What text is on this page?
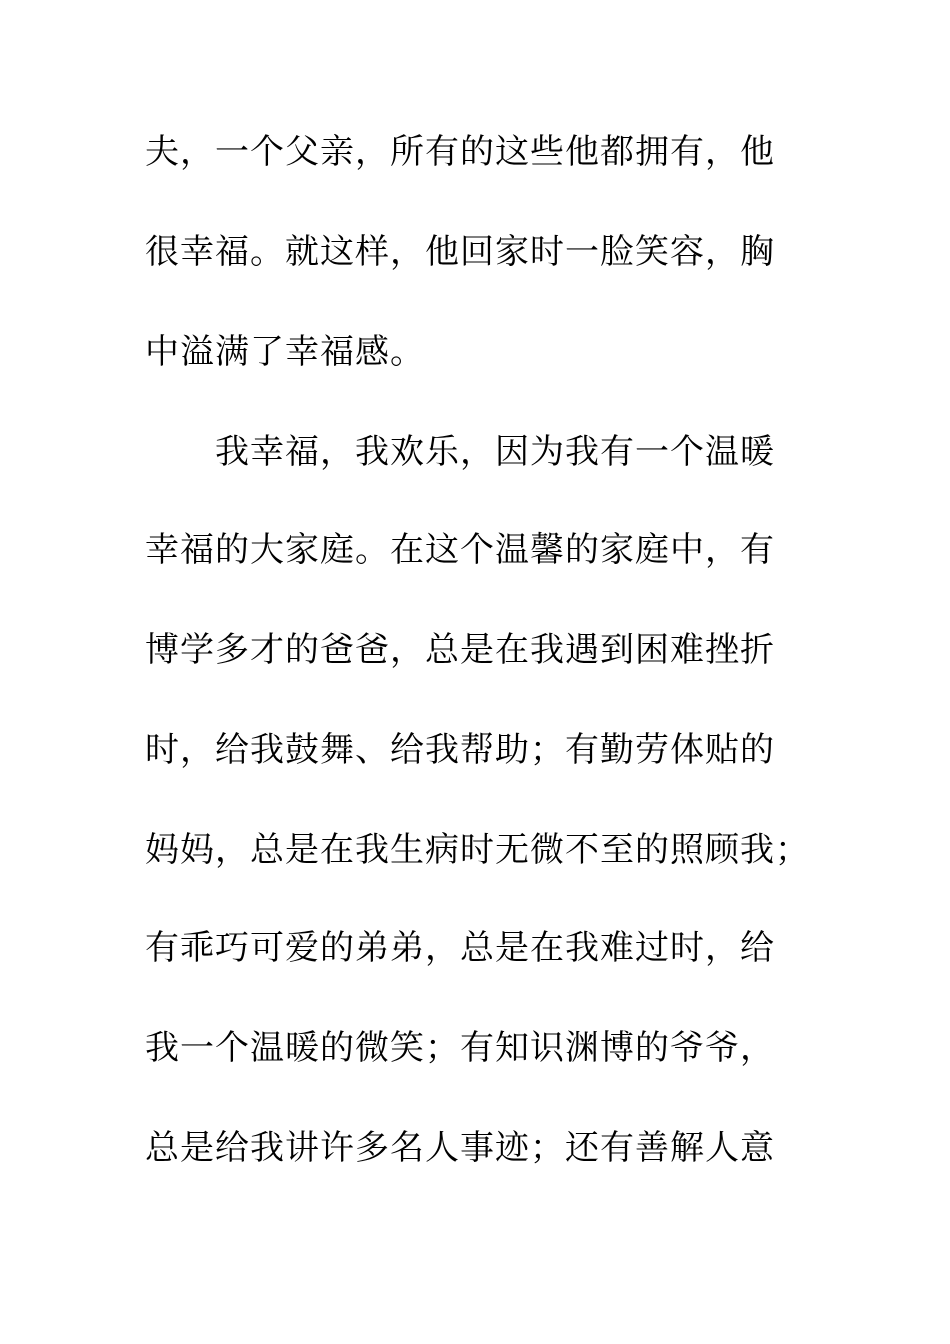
夫，一个父亲，所有的这些他都拥有，他
很幸福。就这样，他回家时一脸笑容，胸
中溢满了幸福感。
我幸福，我欢乐，因为我有一个温暖
幸福的大家庭。在这个温馨的家庭中，有
博学多才的爸爸，总是在我遇到困难挫折
时，给我鼓舞、给我帮助；有勤劳体贴的
妈妈，总是在我生病时无微不至的照顾我；
有乖巧可爱的弟弟，总是在我难过时，给
我一个温暖的微笑；有知识渊博的爷爷，
总是给我讲许多名人事迹；还有善解人意
